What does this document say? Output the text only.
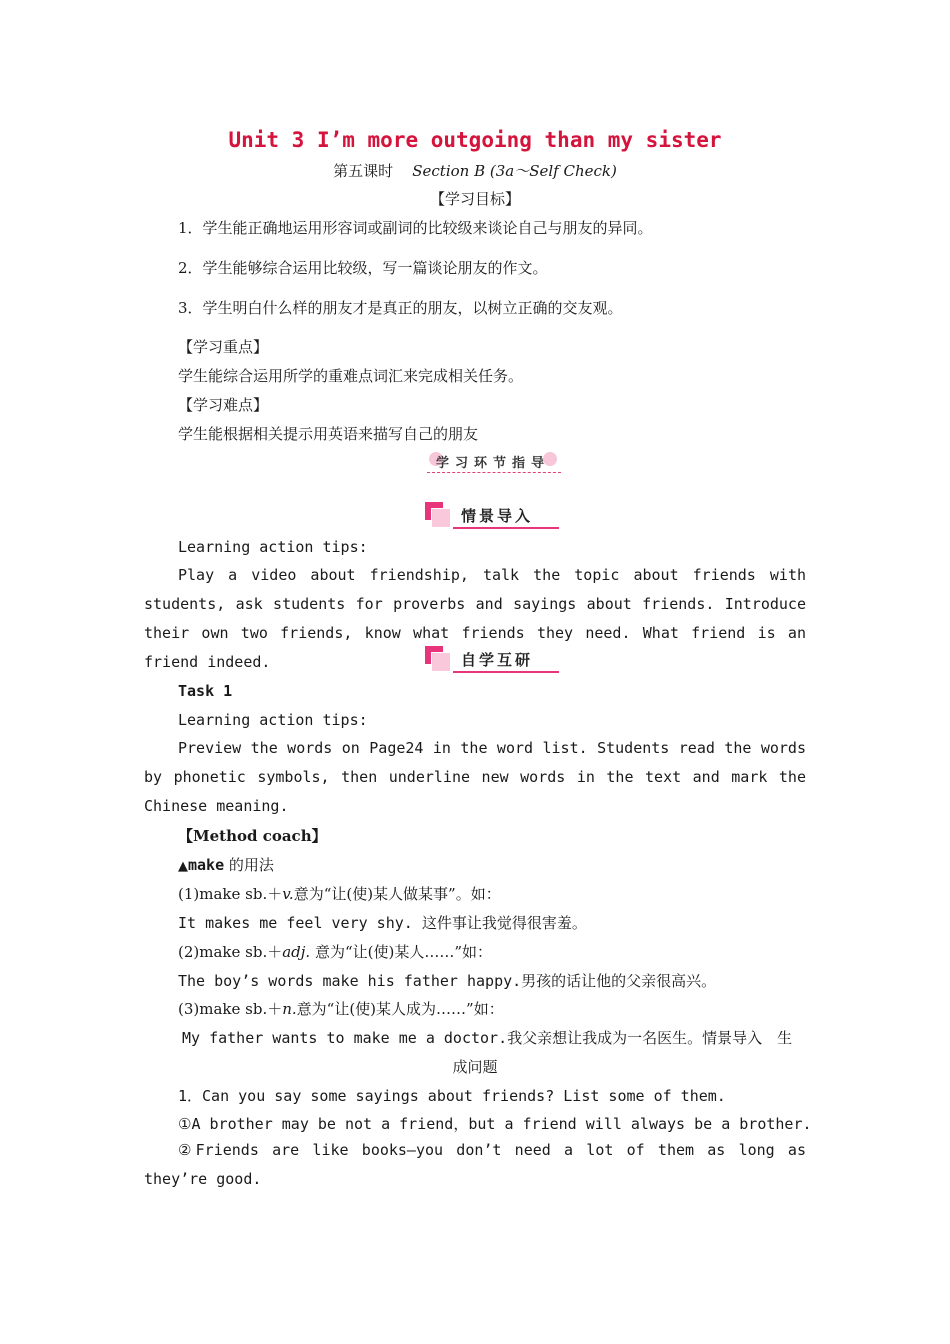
Unit 3 I’m more outgoing than my sister
第五课时 Section B (3a～Self Check)
【学习目标】
1．学生能正确地运用形容词或副词的比较级来谈论自己与朋友的异同。
2．学生能够综合运用比较级，写一篇谈论朋友的作文。
3．学生明白什么样的朋友才是真正的朋友，以树立正确的交友观。
【学习重点】
学生能综合运用所学的重难点词汇来完成相关任务。
【学习难点】
学生能根据相关提示用英语来描写自己的朋友
学习环节指导
情景导入
Learning action tips:
Play a video about friendship, talk the topic about friends with students, ask students for proverbs and sayings about friends. Introduce their own two friends, know what friends they need. What friend is an friend indeed.	自学互研
Task 1
Learning action tips:
Preview the words on Page24 in the word list. Students read the words by phonetic symbols, then underline new words in the text and mark the Chinese meaning.
【Method coach】
▲make 的用法
(1)make sb.＋v.意为“让(使)某人做某事”。如：
It makes me feel very shy. 这件事让我觉得很害羞。
(2)make sb.＋adj. 意为“让(使)某人……”如：
The boy’s words make his father happy.男孩的话让他的父亲很高兴。
(3)make sb.＋n.意为“让(使)某人成为……”如：
My father wants to make me a doctor.我父亲想让我成为一名医生。情景导入　生
成问题
1．Can you say some sayings about friends? List some of them.
①A brother may be not a friend，but a friend will always be a brother.
②Friends are like books—you don’t need a lot of them as long as they’re good.
